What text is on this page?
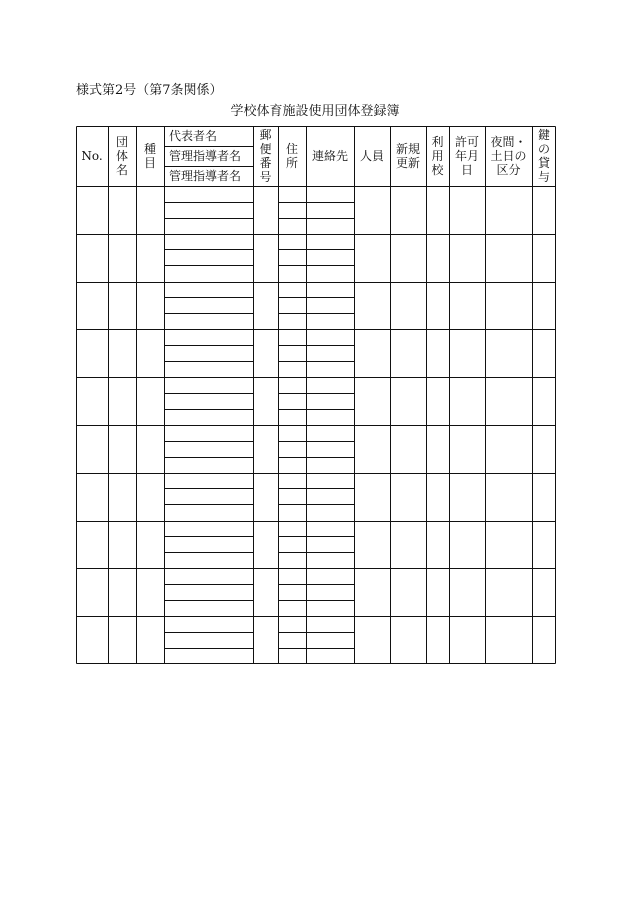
様式第2号（第7条関係）
学校体育施設使用団体登録簿
No.
団
体
名
種
目
代表者名
管理指導者名
管理指導者名
郵
便
番
号
住
所	連絡先 人員 新規
更新
利
用
校
許可
年月
日
夜間・
土日の
区分
鍵
の
貸
与
